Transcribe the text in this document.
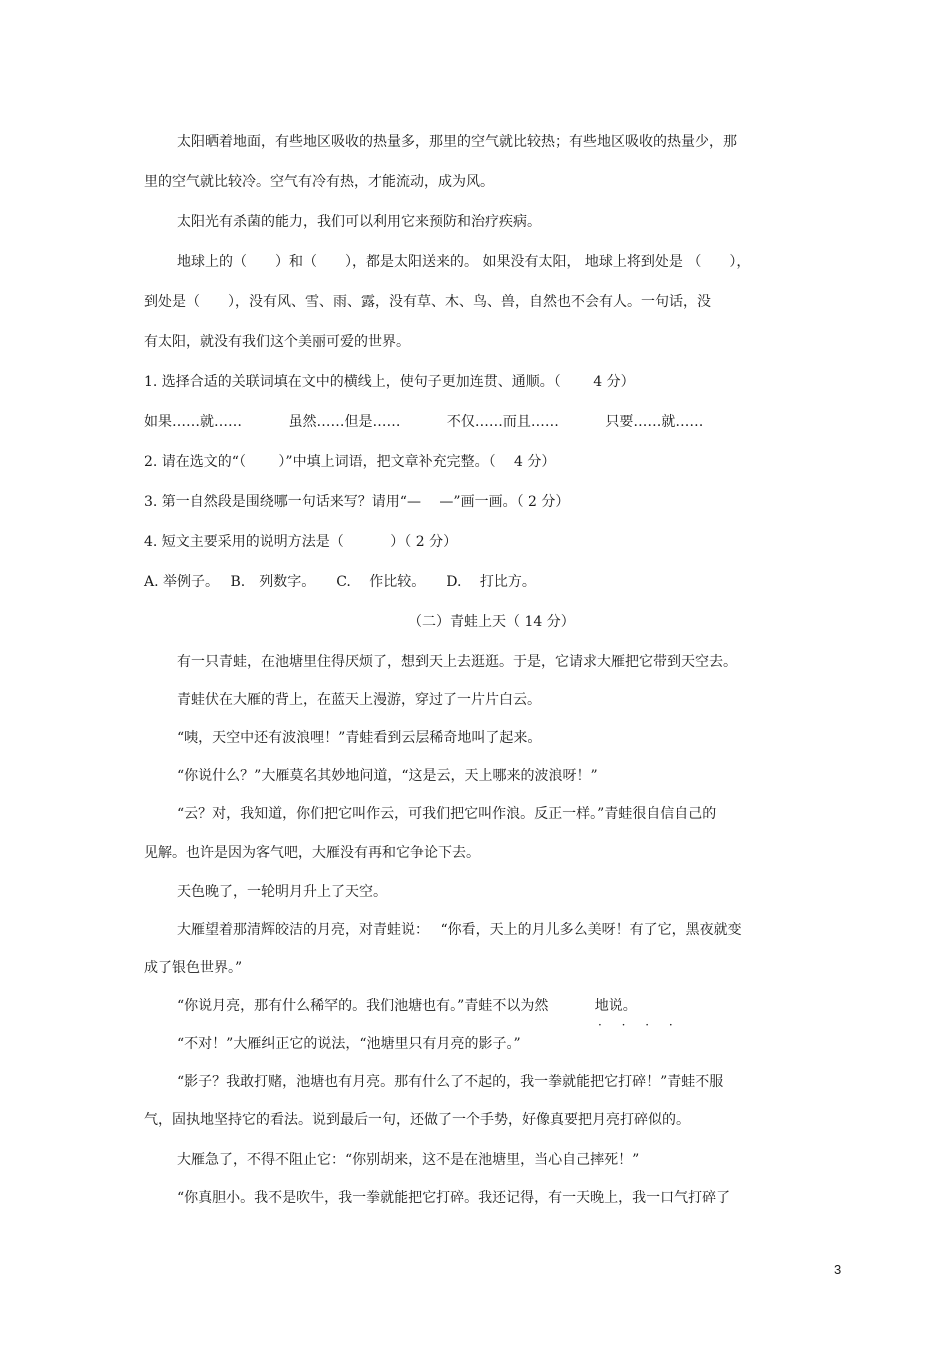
太阳晒着地面，有些地区吸收的热量多，那里的空气就比较热；有些地区吸收的热量少，那
里的空气就比较冷。空气有冷有热，才能流动，成为风。
太阳光有杀菌的能力，我们可以利用它来预防和治疗疾病。
地球上的（　　）和（　　），都是太阳送来的。 如果没有太阳， 地球上将到处是 （　　），
到处是（　　），没有风、雪、雨、露，没有草、木、鸟、兽，自然也不会有人。一句话，没
有太阳，就没有我们这个美丽可爱的世界。
1. 选择合适的关联词填在文中的横线上，使句子更加连贯、通顺。（　　 4 分）
如果……就……　　　 虽然……但是……　　　 不仅……而且……　　　 只要……就……
2. 请在选文的“（　　 ）”中填上词语，把文章补充完整。（　 4 分）
3. 第一自然段是围绕哪一句话来写？请用“—　 —”画一画。（ 2 分）
4. 短文主要采用的说明方法是（　　　 ）（ 2 分）
A. 举例子。　 B.　列数字。　　C.　 作比较。　　D.　 打比方。
（二）青蛙上天（ 14 分）
有一只青蛙，在池塘里住得厌烦了，想到天上去逛逛。于是，它请求大雁把它带到天空去。
青蛙伏在大雁的背上，在蓝天上漫游，穿过了一片片白云。
“咦，天空中还有波浪哩！”青蛙看到云层稀奇地叫了起来。
“你说什么？”大雁莫名其妙地问道，“这是云，天上哪来的波浪呀！”
“云？对，我知道，你们把它叫作云，可我们把它叫作浪。反正一样。”青蛙很自信自己的
见解。也许是因为客气吧，大雁没有再和它争论下去。
天色晚了，一轮明月升上了天空。
大雁望着那清辉皎洁的月亮，对青蛙说：　 “你看，天上的月儿多么美呀！有了它，黑夜就变
成了银色世界。”
“你说月亮，那有什么稀罕的。我们池塘也有。”青蛙不以为然　　　 地说。
· · · ·
“不对！”大雁纠正它的说法，“池塘里只有月亮的影子。”
“影子？我敢打赌，池塘也有月亮。那有什么了不起的，我一拳就能把它打碎！”青蛙不服
气，固执地坚持它的看法。说到最后一句，还做了一个手势，好像真要把月亮打碎似的。
大雁急了，不得不阻止它：“你别胡来，这不是在池塘里，当心自己摔死！”
“你真胆小。我不是吹牛，我一拳就能把它打碎。我还记得，有一天晚上，我一口气打碎了
3
